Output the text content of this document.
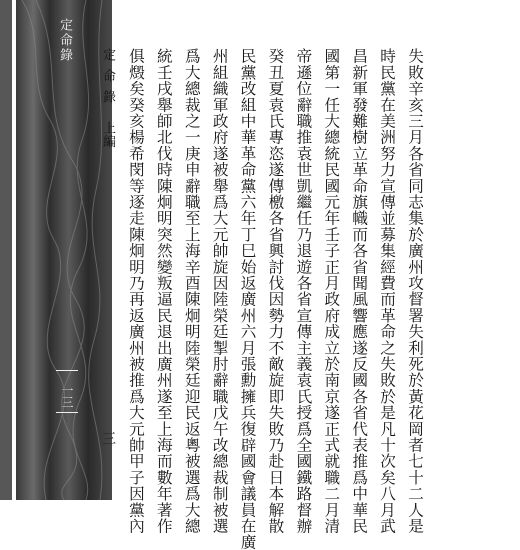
定命錄
一三	失敗辛亥三月各省同志集於廣州攻督署失利死於黃花岡者七十二人是
時民黨在美洲努力宣傳並募集經費而革命之失敗於是凡十次矣八月武
昌新軍發難樹立革命旗幟而各省聞風響應遂反國各省代表推爲中華民
國第一任大總統民國元年壬子正月政府成立於南京遂正式就職二月清
帝遜位辭職推袁世凱繼任乃退遊各省宣傳主義袁氏授爲全國鐵路督辦
癸丑夏袁氏專恣遂傳檄各省興討伐因勢力不敵旋即失敗乃赴日本解散
民黨改組中華革命黨六年丁巳始返廣州六月張勳擁兵復辟國會議員在廣
州組織軍政府遂被舉爲大元帥旋因陸榮廷掣肘辭職戊午改總裁制被選
爲大總裁之一庚申辭職至上海辛酉陳炯明陸榮廷迎民返粵被選爲大總
統壬戌舉師北伐時陳炯明突然變叛逼民退出廣州遂至上海而數年著作
俱燬矣癸亥楊希閔等逐走陳炯明乃再返廣州被推爲大元帥甲子因黨內
定命錄
上編
三
